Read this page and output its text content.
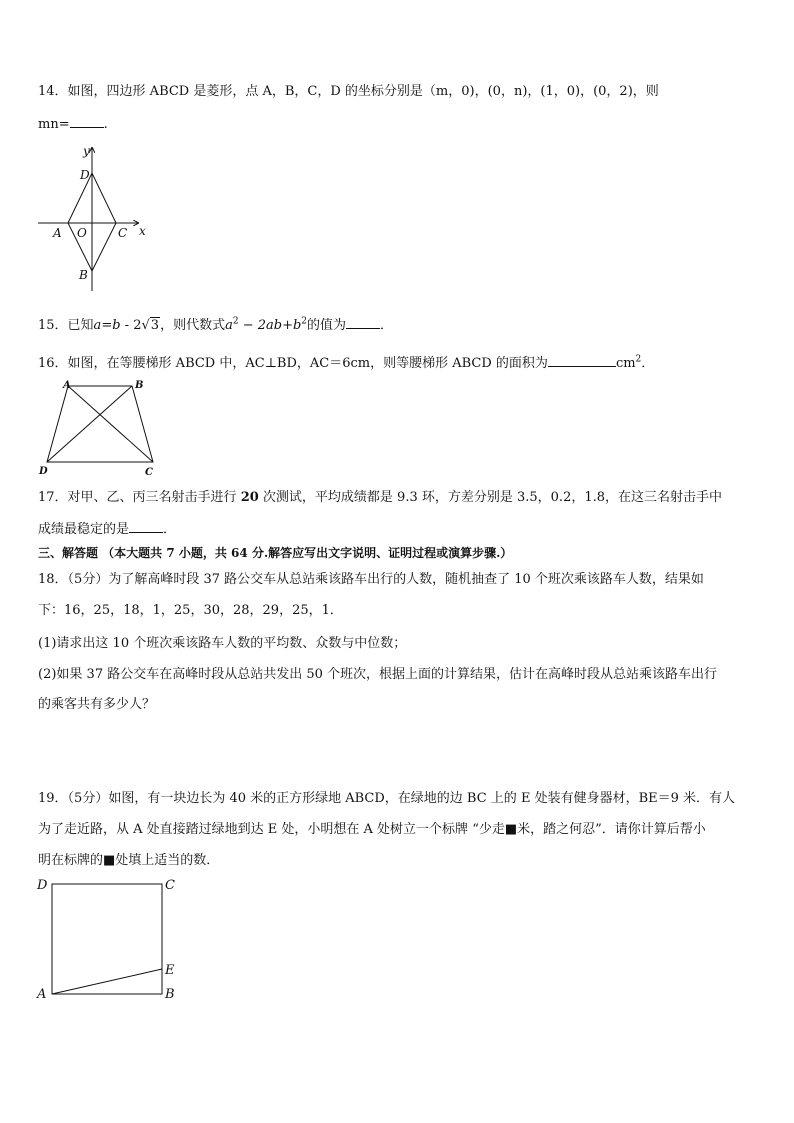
14．如图，四边形 ABCD 是菱形，点 A，B，C，D 的坐标分别是（m，0)，(0，n)，(1，0)，(0，2)，则
mn=	.
y
x
D
A O	C
B
15．已知a=b - 2√3，则代数式$a^2 - 2ab+b^2$的值为	．
16．如图，在等腰梯形 ABCD 中，AC⊥BD，AC＝6cm，则等腰梯形 ABCD 的面积为	$cm^2$．
A	B
C
D
17．对甲、乙、丙三名射击手进行 20 次测试，平均成绩都是 9.3 环，方差分别是 3.5，0.2，1.8，在这三名射击手中
成绩最稳定的是	．
三、解答题 （本大题共 7 小题，共 64 分.解答应写出文字说明、证明过程或演算步骤.）
18．（5分）为了解高峰时段 37 路公交车从总站乘该路车出行的人数，随机抽查了 10 个班次乘该路车人数，结果如
下：16，25，18，1，25，30，28，29，25，1．
(1)请求出这 10 个班次乘该路车人数的平均数、众数与中位数；
(2)如果 37 路公交车在高峰时段从总站共发出 50 个班次，根据上面的计算结果，估计在高峰时段从总站乘该路车出行
的乘客共有多少人？
19．（5分）如图，有一块边长为 40 米的正方形绿地 ABCD，在绿地的边 BC 上的 E 处装有健身器材，BE＝9 米．有人
为了走近路，从 A 处直接踏过绿地到达 E 处，小明想在 A 处树立一个标牌 “少走■米，踏之何忍”．请你计算后帮小
明在标牌的■处填上适当的数．
D	C
E
A	B
